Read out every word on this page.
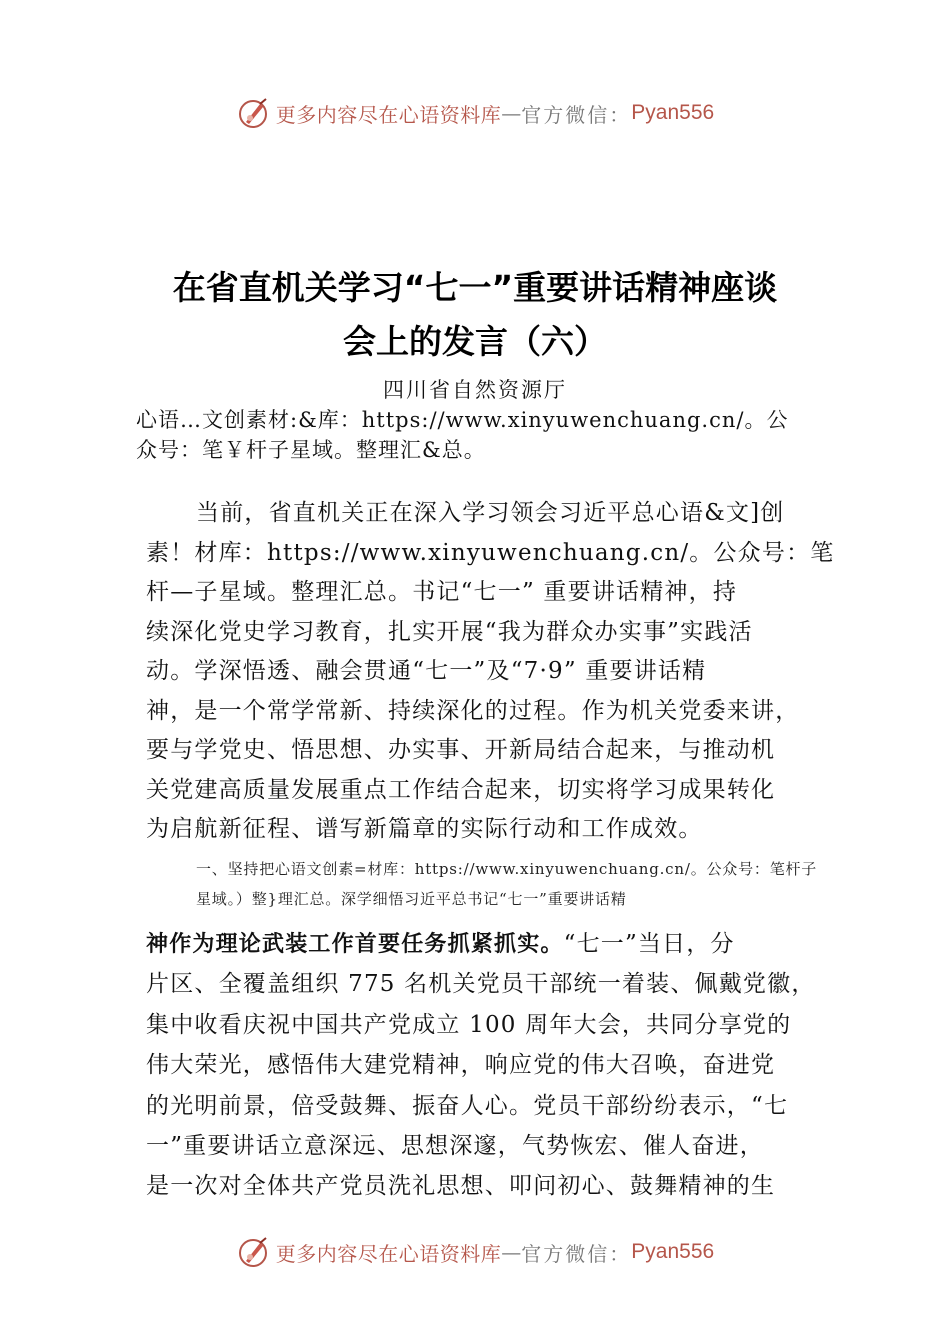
更多内容尽在心语资料库 — 官方微信： Pyan556
在省直机关学习“七一”重要讲话精神座谈
会上的发言（六）
四川省自然资源厅
心语…文创素材:&库：https://www.xinyuwenchuang.cn/。公
众号：笔￥杆子星域。整理汇&总。
当前，省直机关正在深入学习领会习近平总心语&文]创
素！材库：https://www.xinyuwenchuang.cn/。公众号：笔
杆—子星域。整理汇总。书记“七一” 重要讲话精神，持
续深化党史学习教育，扎实开展“我为群众办实事”实践活
动。学深悟透、融会贯通“七一”及“7·9” 重要讲话精
神，是一个常学常新、持续深化的过程。作为机关党委来讲，
要与学党史、悟思想、办实事、开新局结合起来，与推动机
关党建高质量发展重点工作结合起来，切实将学习成果转化
为启航新征程、谱写新篇章的实际行动和工作成效。
一、坚持把心语文创素=材库：https://www.xinyuwenchuang.cn/。公众号：笔杆子
星域。）整}理汇总。深学细悟习近平总书记“七一”重要讲话精
神作为理论武装工作首要任务抓紧抓实。“七一”当日，分
片区、全覆盖组织 775 名机关党员干部统一着装、佩戴党徽，
集中收看庆祝中国共产党成立 100 周年大会，共同分享党的
伟大荣光，感悟伟大建党精神，响应党的伟大召唤，奋进党
的光明前景，倍受鼓舞、振奋人心。党员干部纷纷表示，“七
一”重要讲话立意深远、思想深邃，气势恢宏、催人奋进，
是一次对全体共产党员洗礼思想、叩问初心、鼓舞精神的生
更多内容尽在心语资料库 — 官方微信： Pyan556
